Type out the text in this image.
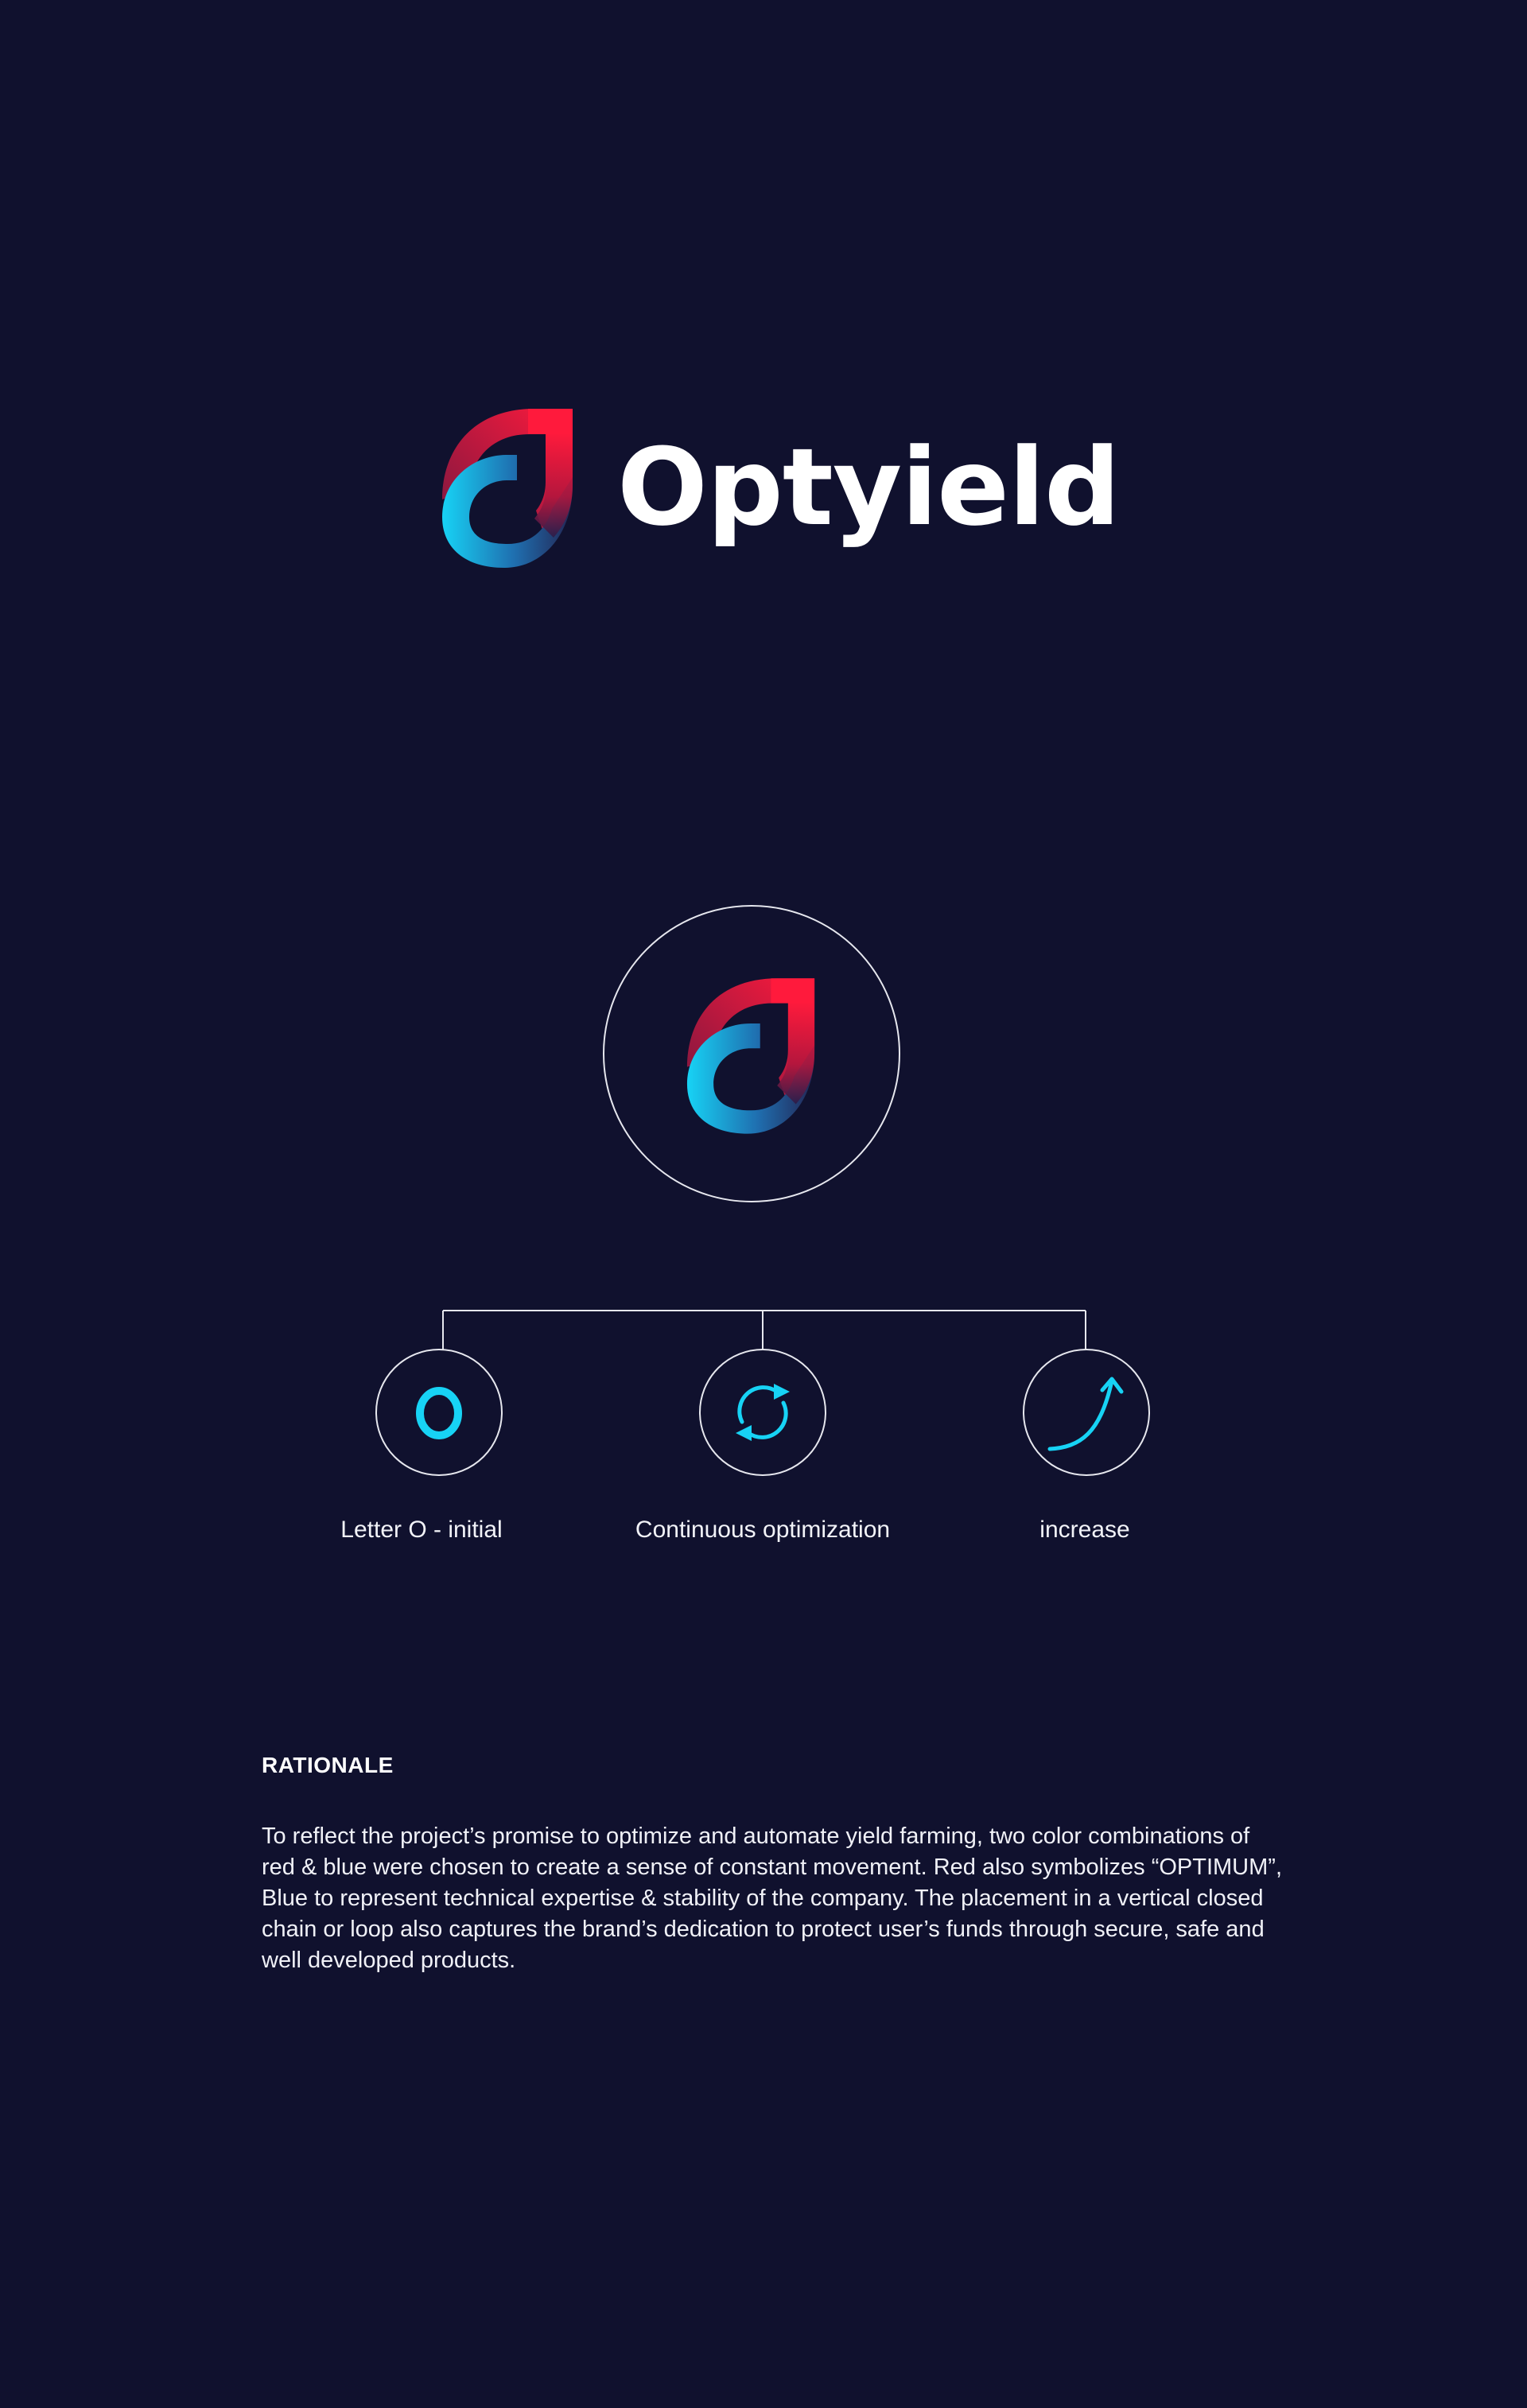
Optyield
Letter O - initial	Continuous optimization	increase
RATIONALE
To reflect the project’s promise to optimize and automate yield farming, two color combinations of red & blue were chosen to create a sense of constant movement. Red also symbolizes “OPTIMUM”, Blue to represent technical expertise & stability of the company. The placement in a vertical closed chain or loop also captures the brand’s dedication to protect user’s funds through secure, safe and well developed products.
